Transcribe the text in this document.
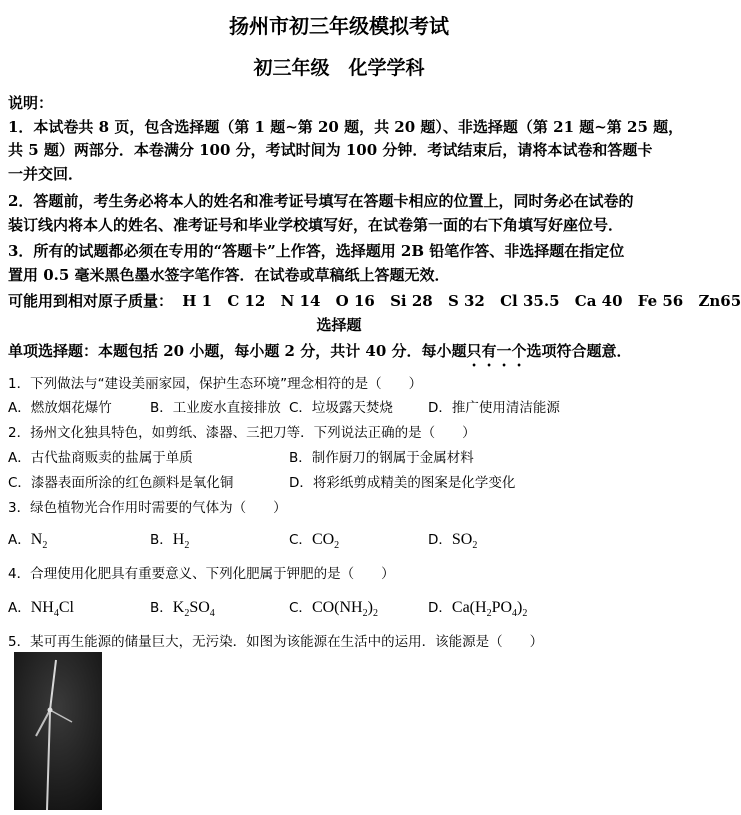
扬州市初三年级模拟考试
初三年级　化学学科
说明：
1．本试卷共 8 页，包含选择题（第 1 题~第 20 题，共 20 题）、非选择题（第 21 题~第 25 题，
共 5 题）两部分．本卷满分 100 分，考试时间为 100 分钟．考试结束后，请将本试卷和答题卡
一并交回．
2．答题前，考生务必将本人的姓名和准考证号填写在答题卡相应的位置上，同时务必在试卷的
装订线内将本人的姓名、准考证号和毕业学校填写好，在试卷第一面的右下角填写好座位号．
3．所有的试题都必须在专用的“答题卡”上作答，选择题用 2B 铅笔作答、非选择题在指定位
置用 0.5 毫米黑色墨水签字笔作答．在试卷或草稿纸上答题无效．
可能用到相对原子质量： H 1 C 12 N 14 O 16 Si 28 S 32 Cl 35.5 Ca 40 Fe 56 Zn65
选择题
单项选择题：本题包括 20 小题，每小题 2 分，共计 40 分．每小题只有一个选项符合题意．
1．下列做法与“建设美丽家园，保护生态环境”理念相符的是（　　）
A．燃放烟花爆竹	B．工业废水直接排放 C．垃圾露天焚烧	D．推广使用清洁能源
2．扬州文化独具特色，如剪纸、漆器、三把刀等．下列说法正确的是（　　）
A．古代盐商贩卖的盐属于单质	B．制作厨刀的钢属于金属材料
C．漆器表面所涂的红色颜料是氧化铜	D．将彩纸剪成精美的图案是化学变化
3．绿色植物光合作用时需要的气体为（　　）
A．$N_2$	B．$H_2$	C．$CO_2$	D．$SO_2$
4．合理使用化肥具有重要意义、下列化肥属于钾肥的是（　　）
A．$NH_4Cl$	B．$K_2SO_4$	C．$CO(NH_2)_2$	D．$Ca(H_2PO_4)_2$
5．某可再生能源的储量巨大，无污染．如图为该能源在生活中的运用．该能源是（　　）
